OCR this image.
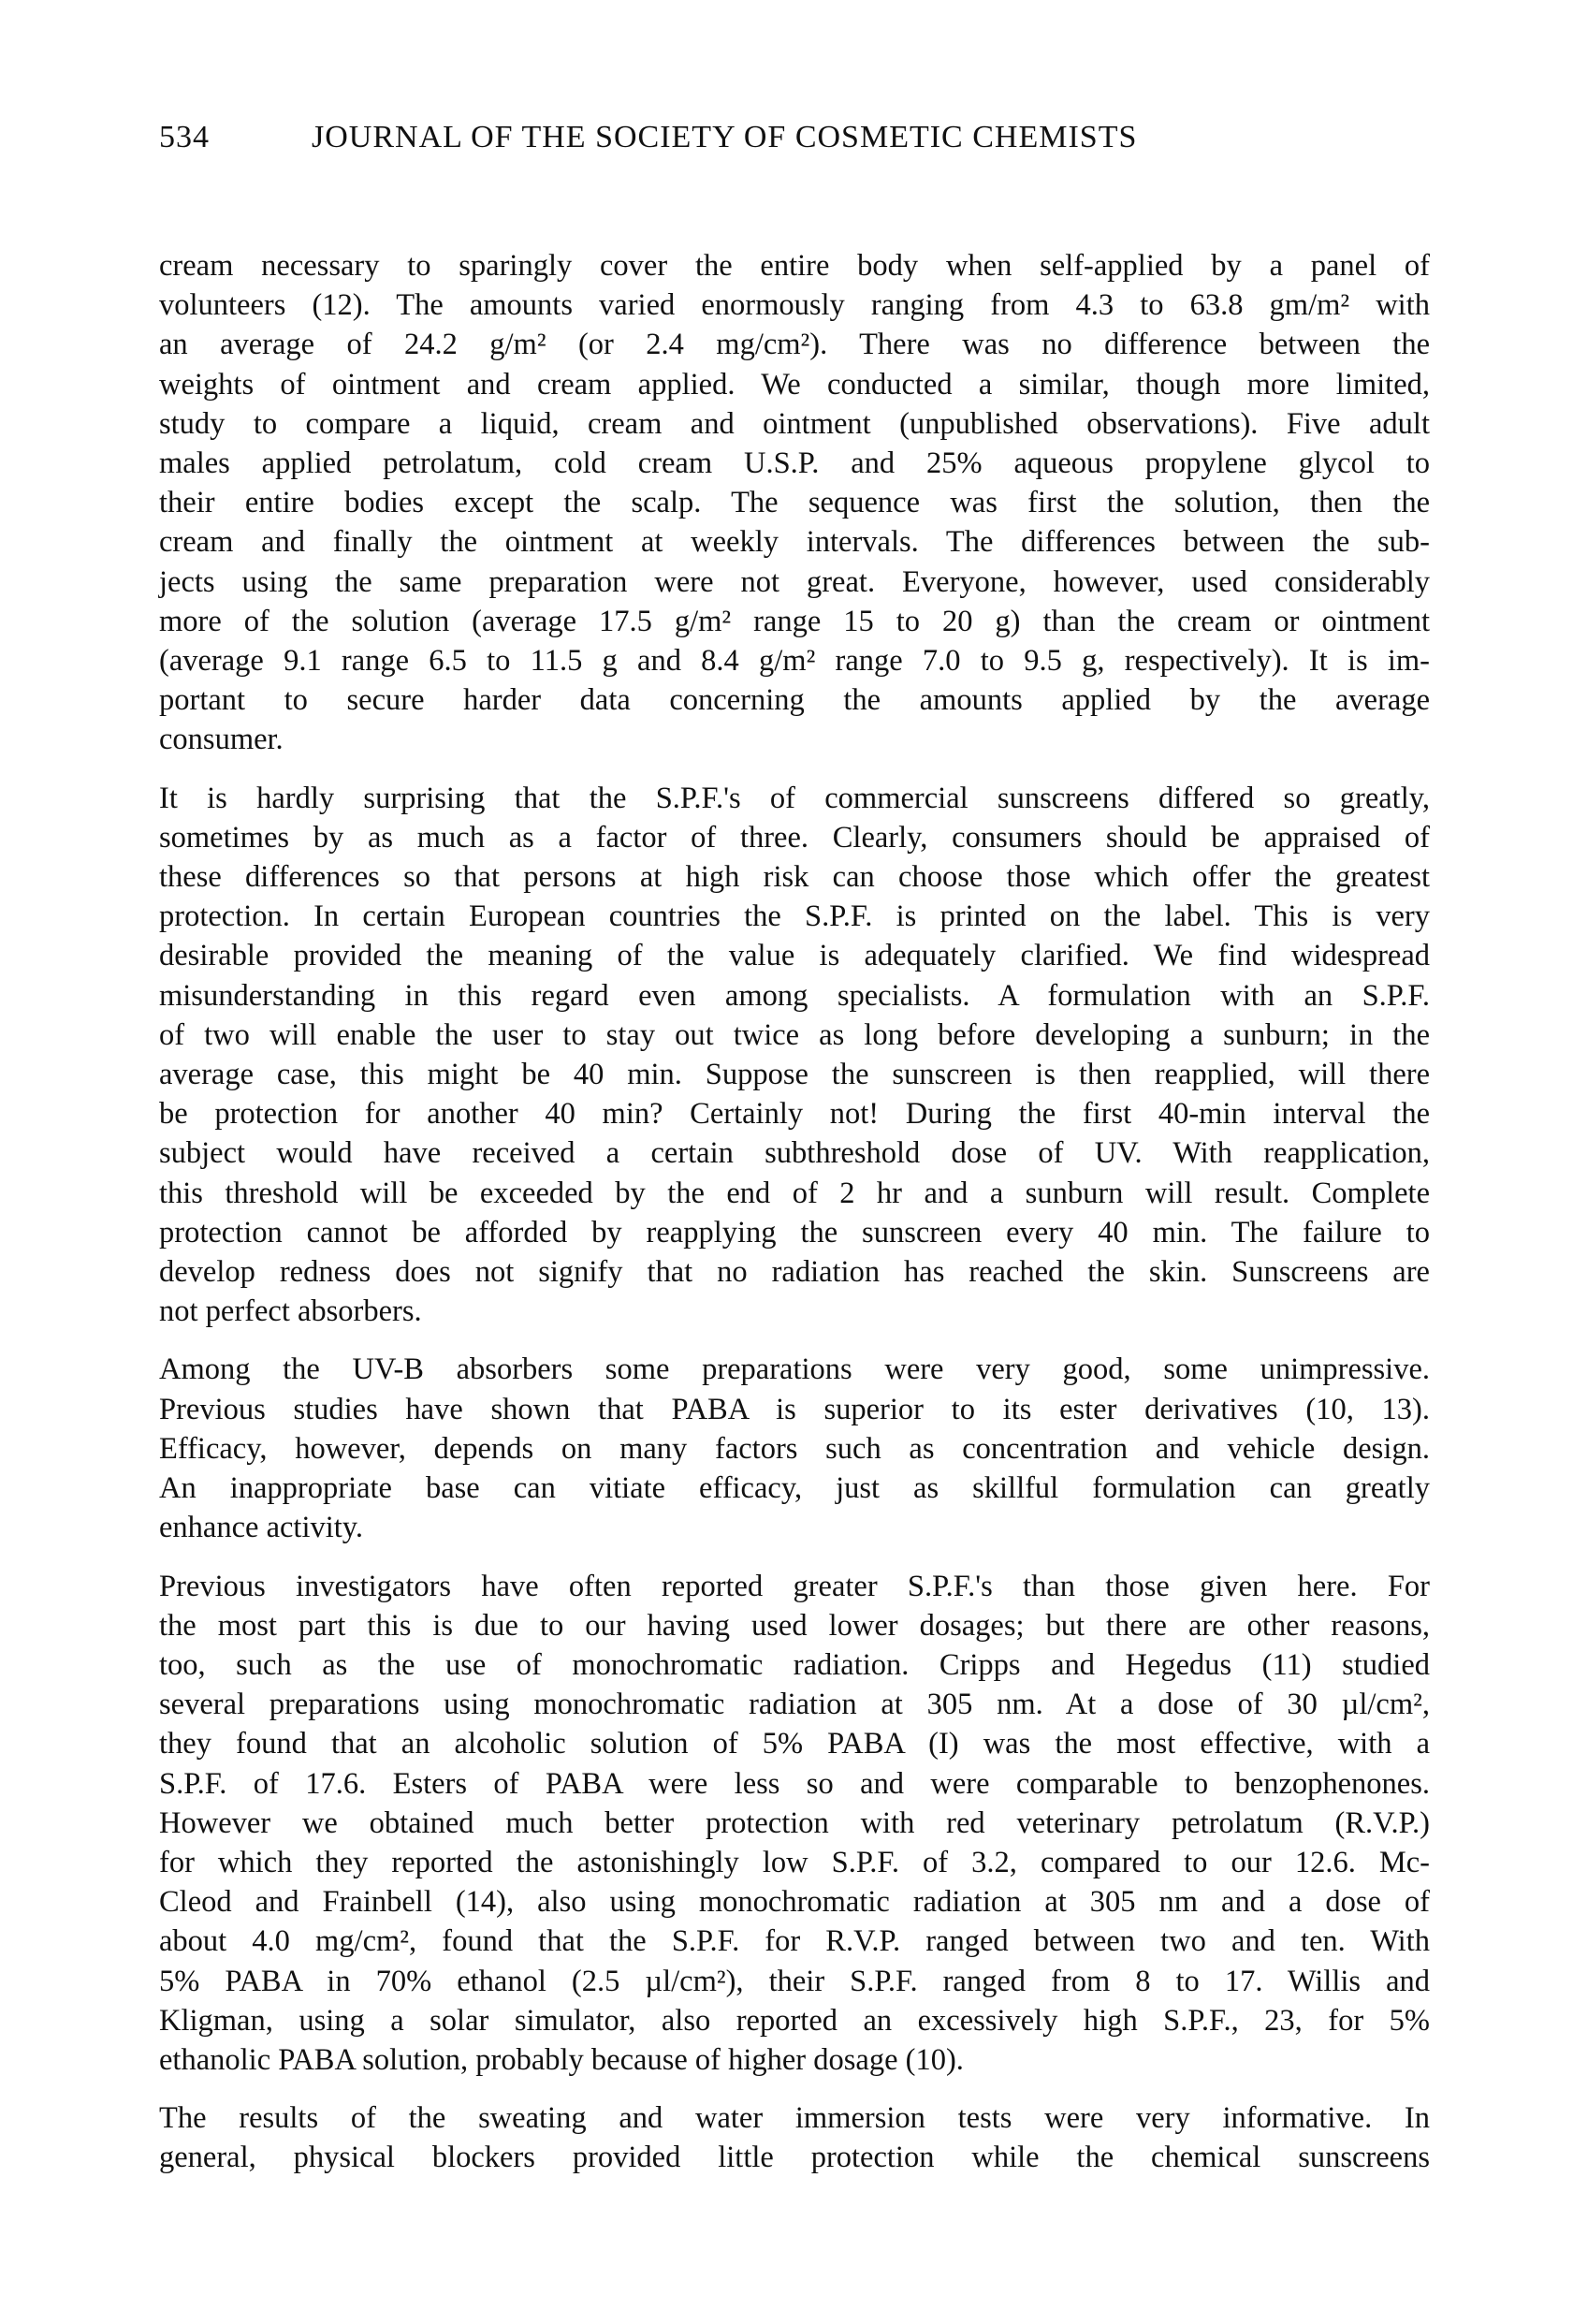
534	JOURNAL OF THE SOCIETY OF COSMETIC CHEMISTS

cream necessary to sparingly cover the entire body when self-applied by a panel of
volunteers (12). The amounts varied enormously ranging from 4.3 to 63.8 gm/m² with
an average of 24.2 g/m² (or 2.4 mg/cm²). There was no difference between the
weights of ointment and cream applied. We conducted a similar, though more limited,
study to compare a liquid, cream and ointment (unpublished observations). Five adult
males applied petrolatum, cold cream U.S.P. and 25% aqueous propylene glycol to
their entire bodies except the scalp. The sequence was first the solution, then the
cream and finally the ointment at weekly intervals. The differences between the sub-
jects using the same preparation were not great. Everyone, however, used considerably
more of the solution (average 17.5 g/m² range 15 to 20 g) than the cream or ointment
(average 9.1 range 6.5 to 11.5 g and 8.4 g/m² range 7.0 to 9.5 g, respectively). It is im-
portant to secure harder data concerning the amounts applied by the average
consumer.

It is hardly surprising that the S.P.F.'s of commercial sunscreens differed so greatly,
sometimes by as much as a factor of three. Clearly, consumers should be appraised of
these differences so that persons at high risk can choose those which offer the greatest
protection. In certain European countries the S.P.F. is printed on the label. This is very
desirable provided the meaning of the value is adequately clarified. We find widespread
misunderstanding in this regard even among specialists. A formulation with an S.P.F.
of two will enable the user to stay out twice as long before developing a sunburn; in the
average case, this might be 40 min. Suppose the sunscreen is then reapplied, will there
be protection for another 40 min? Certainly not! During the first 40-min interval the
subject would have received a certain subthreshold dose of UV. With reapplication,
this threshold will be exceeded by the end of 2 hr and a sunburn will result. Complete
protection cannot be afforded by reapplying the sunscreen every 40 min. The failure to
develop redness does not signify that no radiation has reached the skin. Sunscreens are
not perfect absorbers.

Among the UV-B absorbers some preparations were very good, some unimpressive.
Previous studies have shown that PABA is superior to its ester derivatives (10, 13).
Efficacy, however, depends on many factors such as concentration and vehicle design.
An inappropriate base can vitiate efficacy, just as skillful formulation can greatly
enhance activity.

Previous investigators have often reported greater S.P.F.'s than those given here. For
the most part this is due to our having used lower dosages; but there are other reasons,
too, such as the use of monochromatic radiation. Cripps and Hegedus (11) studied
several preparations using monochromatic radiation at 305 nm. At a dose of 30 µl/cm²,
they found that an alcoholic solution of 5% PABA (I) was the most effective, with a
S.P.F. of 17.6. Esters of PABA were less so and were comparable to benzophenones.
However we obtained much better protection with red veterinary petrolatum (R.V.P.)
for which they reported the astonishingly low S.P.F. of 3.2, compared to our 12.6. Mc-
Cleod and Frainbell (14), also using monochromatic radiation at 305 nm and a dose of
about 4.0 mg/cm², found that the S.P.F. for R.V.P. ranged between two and ten. With
5% PABA in 70% ethanol (2.5 µl/cm²), their S.P.F. ranged from 8 to 17. Willis and
Kligman, using a solar simulator, also reported an excessively high S.P.F., 23, for 5%
ethanolic PABA solution, probably because of higher dosage (10).

The results of the sweating and water immersion tests were very informative. In
general, physical blockers provided little protection while the chemical sunscreens
